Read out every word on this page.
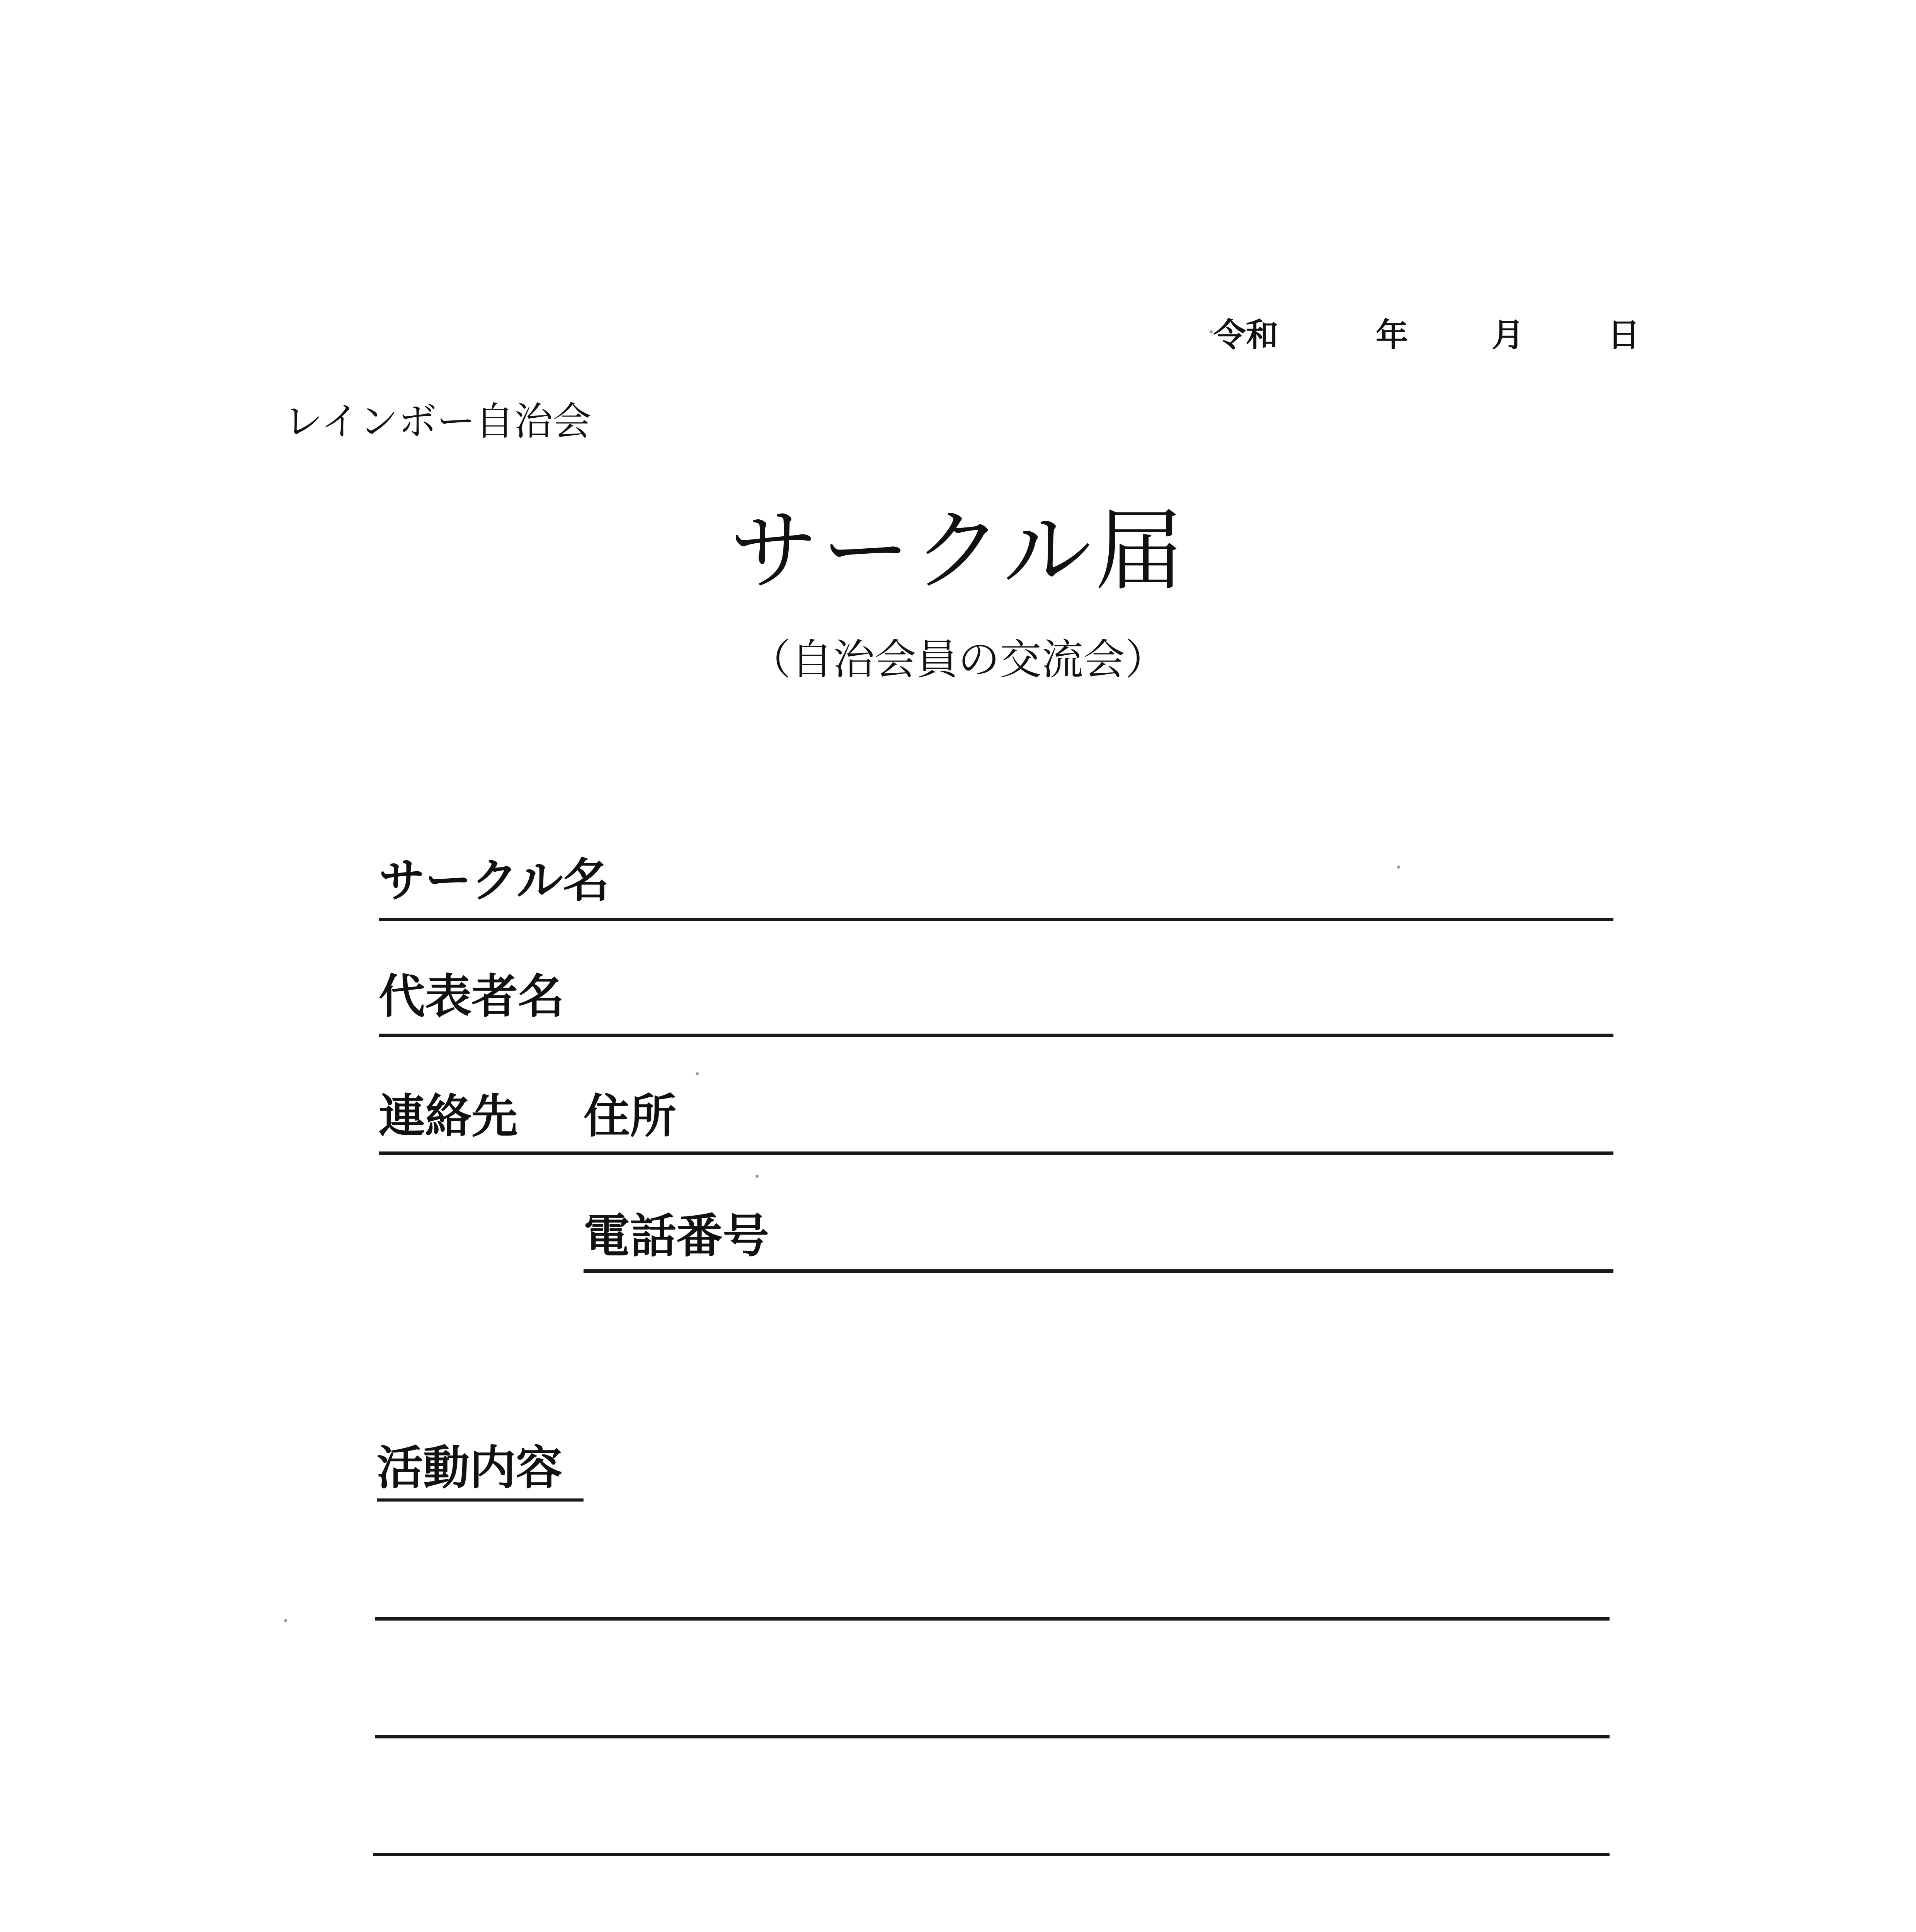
令和	年	月	日
レインボー自治会
サークル届
（自治会員の交流会）
サークル名
代表者名
連絡先 住所
電話番号
活動内容
